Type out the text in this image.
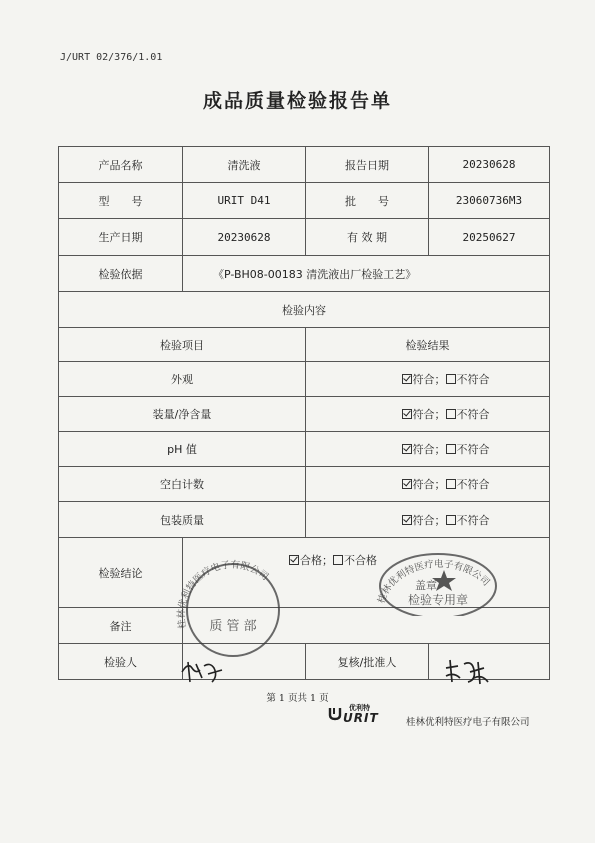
J/URT 02/376/1.01
成品质量检验报告单
产品名称	清洗液	报告日期	20230628
型　　号	URIT D41	批　　号	23060736M3
生产日期	20230628	有 效 期	20250627
检验依据	《P-BH08-00183 清洗液出厂检验工艺》		
检验内容			
检验项目		检验结果	
外观		符合； 不符合	
装量/净含量		符合； 不符合	
pH 值		符合； 不符合	
空白计数		符合； 不符合	
包装质量		符合； 不符合	
检验结论	合格； 不合格		
备注			
检验人		复核/批准人	
桂林优利特医疗电子有限公司
质 管 部
桂林优利特医疗电子有限公司
盖章
检验专用章
第 1 页共 1 页
优利特
URIT	桂林优利特医疗电子有限公司
